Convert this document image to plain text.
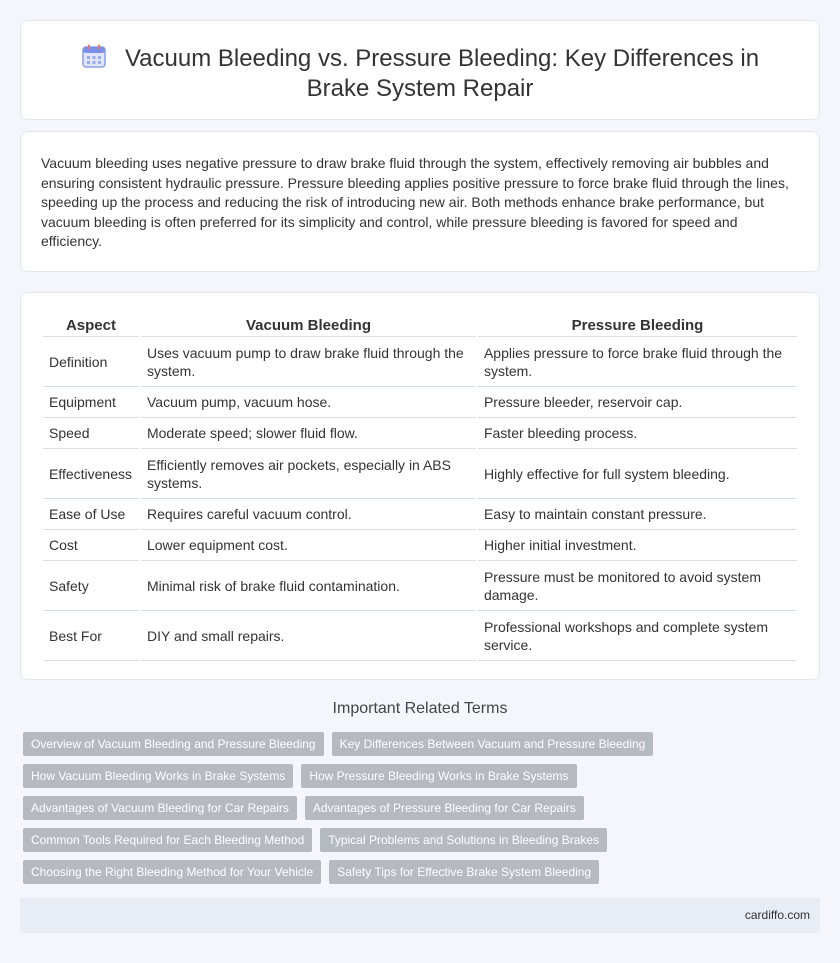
Vacuum Bleeding vs. Pressure Bleeding: Key Differences in Brake System Repair

Vacuum bleeding uses negative pressure to draw brake fluid through the system, effectively removing air bubbles and ensuring consistent hydraulic pressure. Pressure bleeding applies positive pressure to force brake fluid through the lines, speeding up the process and reducing the risk of introducing new air. Both methods enhance brake performance, but vacuum bleeding is often preferred for its simplicity and control, while pressure bleeding is favored for speed and efficiency.

Aspect	Vacuum Bleeding	Pressure Bleeding
Definition	Uses vacuum pump to draw brake fluid through the system.	Applies pressure to force brake fluid through the system.
Equipment	Vacuum pump, vacuum hose.	Pressure bleeder, reservoir cap.
Speed	Moderate speed; slower fluid flow.	Faster bleeding process.
Effectiveness	Efficiently removes air pockets, especially in ABS systems.	Highly effective for full system bleeding.
Ease of Use	Requires careful vacuum control.	Easy to maintain constant pressure.
Cost	Lower equipment cost.	Higher initial investment.
Safety	Minimal risk of brake fluid contamination.	Pressure must be monitored to avoid system damage.
Best For	DIY and small repairs.	Professional workshops and complete system service.
Important Related Terms
Overview of Vacuum Bleeding and Pressure Bleeding	Key Differences Between Vacuum and Pressure Bleeding
How Vacuum Bleeding Works in Brake Systems	How Pressure Bleeding Works in Brake Systems
Advantages of Vacuum Bleeding for Car Repairs	Advantages of Pressure Bleeding for Car Repairs
Common Tools Required for Each Bleeding Method	Typical Problems and Solutions in Bleeding Brakes
Choosing the Right Bleeding Method for Your Vehicle	Safety Tips for Effective Brake System Bleeding
cardiffo.com
